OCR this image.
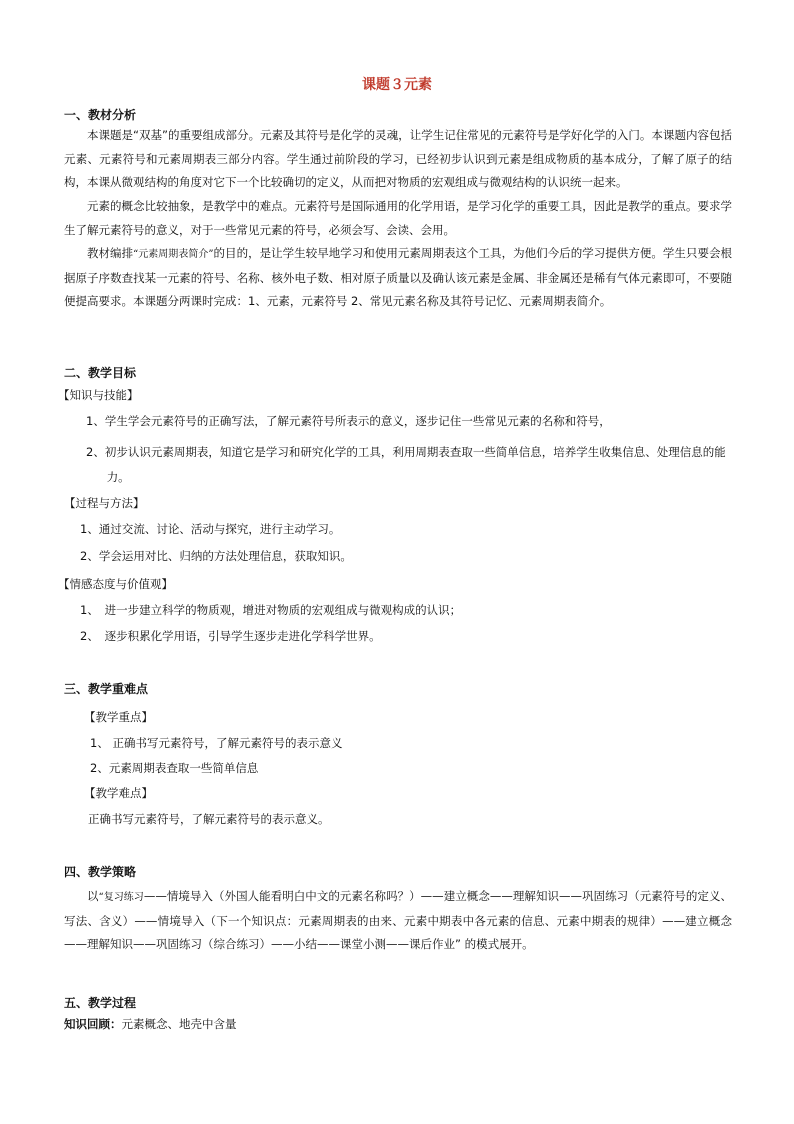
课题３元素
一、教材分析

本课题是“双基”的重要组成部分。元素及其符号是化学的灵魂，让学生记住常见的元素符号是学好化学的入门。本课题内容包括元素、元素符号和元素周期表三部分内容。学生通过前阶段的学习，已经初步认识到元素是组成物质的基本成分，了解了原子的结构，本课从微观结构的角度对它下一个比较确切的定义，从而把对物质的宏观组成与微观结构的认识统一起来。

元素的概念比较抽象，是教学中的难点。元素符号是国际通用的化学用语，是学习化学的重要工具，因此是教学的重点。要求学生了解元素符号的意义，对于一些常见元素的符号，必须会写、会读、会用。

教材编排“元素周期表简介”的目的，是让学生较早地学习和使用元素周期表这个工具，为他们今后的学习提供方便。学生只要会根据原子序数查找某一元素的符号、名称、核外电子数、相对原子质量以及确认该元素是金属、非金属还是稀有气体元素即可，不要随便提高要求。本课题分两课时完成：1、元素，元素符号 2、常见元素名称及其符号记忆、元素周期表简介。

二、教学目标
【知识与技能】
1、学生学会元素符号的正确写法，了解元素符号所表示的意义，逐步记住一些常见元素的名称和符号，
2、初步认识元素周期表，知道它是学习和研究化学的工具，利用周期表查取一些简单信息，培养学生收集信息、处理信息的能力。
【过程与方法】
1、通过交流、讨论、活动与探究，进行主动学习。
2、学会运用对比、归纳的方法处理信息，获取知识。
【情感态度与价值观】
1、　进一步建立科学的物质观，增进对物质的宏观组成与微观构成的认识；
2、　逐步积累化学用语，引导学生逐步走进化学科学世界。
三、教学重难点
【教学重点】
1、 正确书写元素符号，了解元素符号的表示意义
2、元素周期表查取一些简单信息
【教学难点】
正确书写元素符号，了解元素符号的表示意义。
四、教学策略

以“复习练习——情境导入（外国人能看明白中文的元素名称吗？）——建立概念——理解知识——巩固练习（元素符号的定义、写法、含义）——情境导入（下一个知识点：元素周期表的由来、元素中期表中各元素的信息、元素中期表的规律）——建立概念——理解知识——巩固练习（综合练习）——小结——课堂小测——课后作业” 的模式展开。

五、教学过程
知识回顾：元素概念、地壳中含量
